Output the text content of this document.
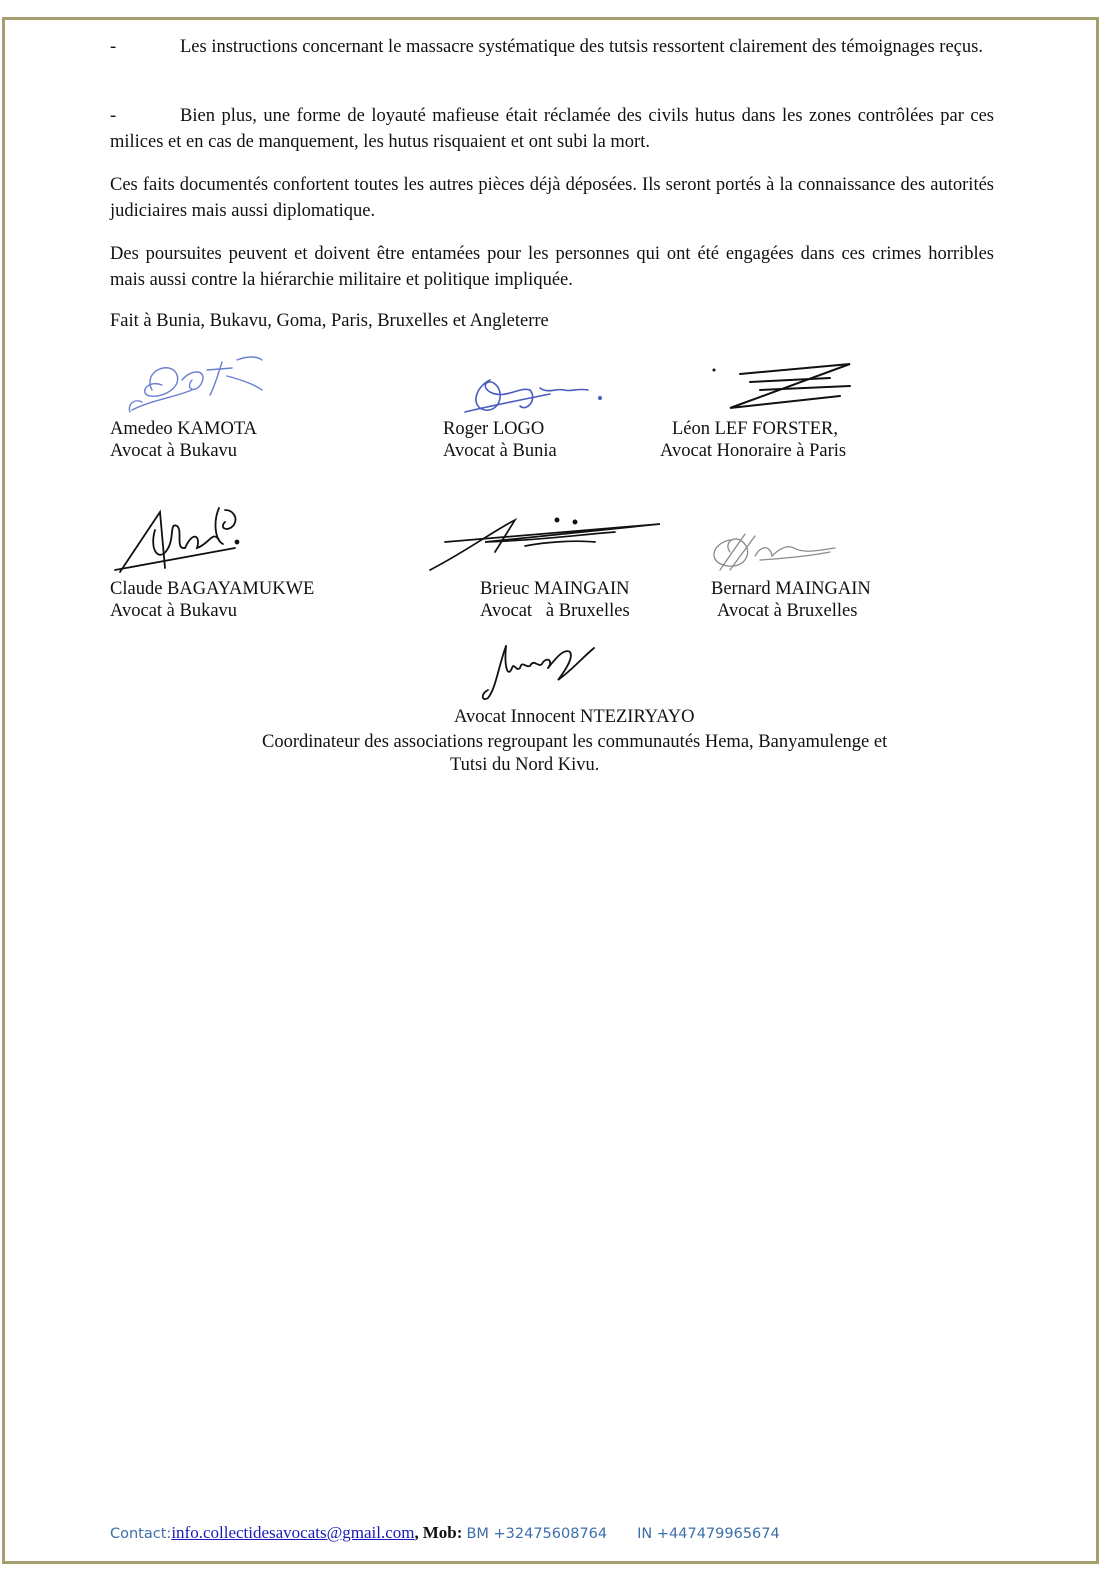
-	Les instructions concernant le massacre systématique des tutsis ressortent clairement des témoignages reçus.

-	Bien plus, une forme de loyauté mafieuse était réclamée des civils hutus dans les zones contrôlées par ces milices et en cas de manquement, les hutus risquaient et ont subi la mort.

Ces faits documentés confortent toutes les autres pièces déjà déposées. Ils seront portés à la connaissance des autorités judiciaires mais aussi diplomatique.

Des poursuites peuvent et doivent être entamées pour les personnes qui ont été engagées dans ces crimes horribles mais aussi contre la hiérarchie militaire et politique impliquée.

Fait à Bunia, Bukavu, Goma, Paris, Bruxelles et Angleterre
Amedeo KAMOTA
Avocat à Bukavu
Roger LOGO
Avocat à Bunia
Léon LEF FORSTER,
Avocat Honoraire à Paris
Claude BAGAYAMUKWE
Avocat à Bukavu
Brieuc MAINGAIN
Avocat   à Bruxelles
Bernard MAINGAIN
Avocat à Bruxelles
Avocat Innocent NTEZIRYAYO
Coordinateur des associations regroupant les communautés Hema, Banyamulenge et
Tutsi du Nord Kivu.
Contact:info.collectidesavocats@gmail.com, Mob: BM +32475608764 IN +447479965674
